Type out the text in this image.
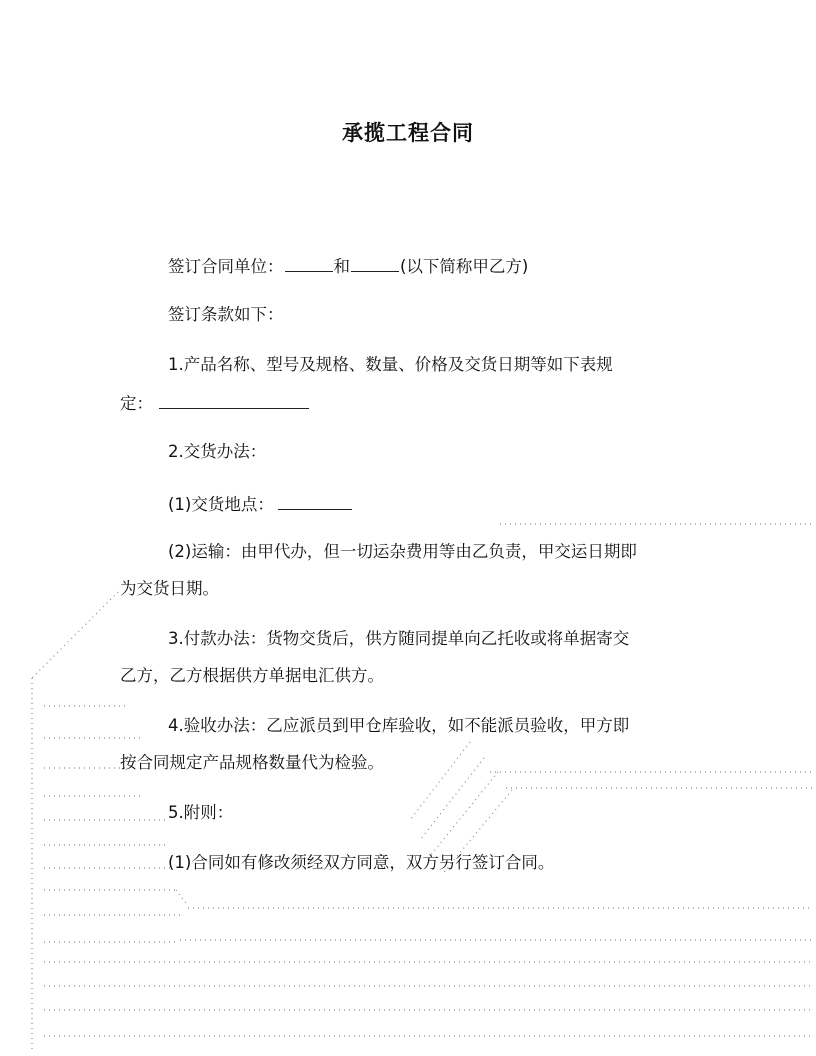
承揽工程合同
签订合同单位：	和	(以下简称甲乙方)
签订条款如下：
1.产品名称、型号及规格、数量、价格及交货日期等如下表规
定：
2.交货办法：
(1)交货地点：
(2)运输：由甲代办，但一切运杂费用等由乙负责，甲交运日期即
为交货日期。
3.付款办法：货物交货后，供方随同提单向乙托收或将单据寄交
乙方，乙方根据供方单据电汇供方。
4.验收办法：乙应派员到甲仓库验收，如不能派员验收，甲方即
按合同规定产品规格数量代为检验。
5.附则：
(1)合同如有修改须经双方同意，双方另行签订合同。
